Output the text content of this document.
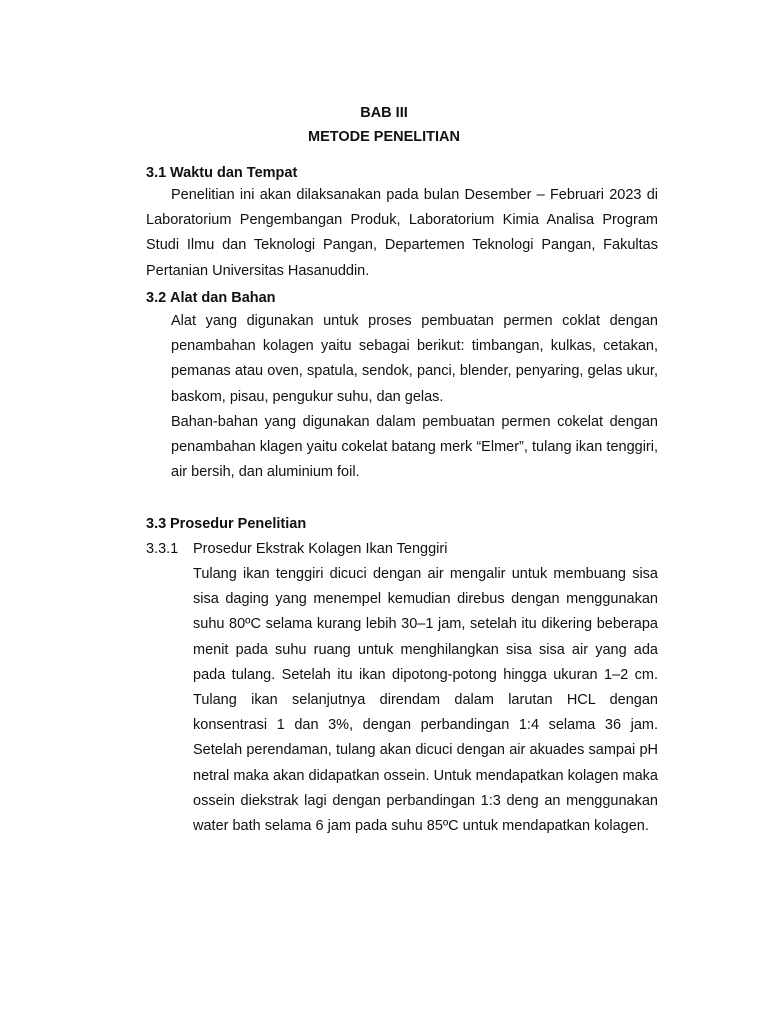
BAB III
METODE PENELITIAN
3.1 Waktu dan Tempat

Penelitian ini akan dilaksanakan pada bulan Desember – Februari 2023 di Laboratorium Pengembangan Produk, Laboratorium Kimia Analisa Program Studi Ilmu dan Teknologi Pangan, Departemen Teknologi Pangan, Fakultas Pertanian Universitas Hasanuddin.

3.2 Alat dan Bahan

Alat yang digunakan untuk proses pembuatan permen coklat dengan penambahan kolagen yaitu sebagai berikut: timbangan, kulkas, cetakan, pemanas atau oven, spatula, sendok, panci, blender, penyaring, gelas ukur, baskom, pisau, pengukur suhu, dan gelas.

Bahan-bahan yang digunakan dalam pembuatan permen cokelat dengan penambahan klagen yaitu cokelat batang merk “Elmer”, tulang ikan tenggiri, air bersih, dan aluminium foil.

3.3 Prosedur Penelitian
3.3.1 Prosedur Ekstrak Kolagen Ikan Tenggiri

Tulang ikan tenggiri dicuci dengan air mengalir untuk membuang sisa sisa daging yang menempel kemudian direbus dengan menggunakan suhu 80ºC selama kurang lebih 30–1 jam, setelah itu dikering beberapa menit pada suhu ruang untuk menghilangkan sisa sisa air yang ada pada tulang. Setelah itu ikan dipotong-potong hingga ukuran 1–2 cm. Tulang ikan selanjutnya direndam dalam larutan HCL dengan konsentrasi 1 dan 3%, dengan perbandingan 1:4 selama 36 jam. Setelah perendaman, tulang akan dicuci dengan air akuades sampai pH netral maka akan didapatkan ossein. Untuk mendapatkan kolagen maka ossein diekstrak lagi dengan perbandingan 1:3 deng an menggunakan water bath selama 6 jam pada suhu 85ºC untuk mendapatkan kolagen.
